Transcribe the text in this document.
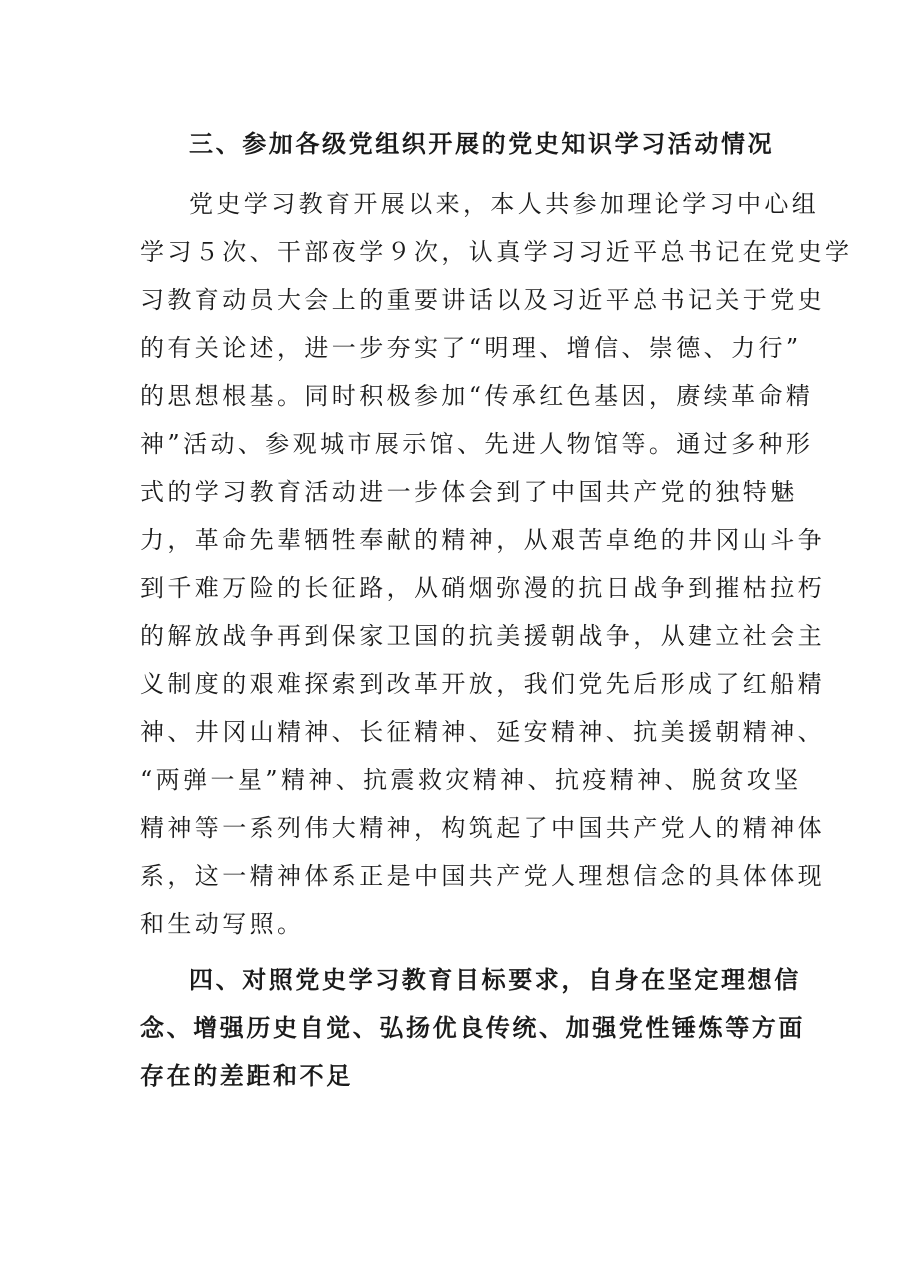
三、参加各级党组织开展的党史知识学习活动情况
党史学习教育开展以来，本人共参加理论学习中心组
学习５次、干部夜学９次，认真学习习近平总书记在党史学
习教育动员大会上的重要讲话以及习近平总书记关于党史
的有关论述，进一步夯实了“明理、增信、崇德、力行”
的思想根基。同时积极参加“传承红色基因，赓续革命精
神”活动、参观城市展示馆、先进人物馆等。通过多种形
式的学习教育活动进一步体会到了中国共产党的独特魅
力，革命先辈牺牲奉献的精神，从艰苦卓绝的井冈山斗争
到千难万险的长征路，从硝烟弥漫的抗日战争到摧枯拉朽
的解放战争再到保家卫国的抗美援朝战争，从建立社会主
义制度的艰难探索到改革开放，我们党先后形成了红船精
神、井冈山精神、长征精神、延安精神、抗美援朝精神、
“两弹一星”精神、抗震救灾精神、抗疫精神、脱贫攻坚
精神等一系列伟大精神，构筑起了中国共产党人的精神体
系，这一精神体系正是中国共产党人理想信念的具体体现
和生动写照。
四、对照党史学习教育目标要求，自身在坚定理想信
念、增强历史自觉、弘扬优良传统、加强党性锤炼等方面
存在的差距和不足
